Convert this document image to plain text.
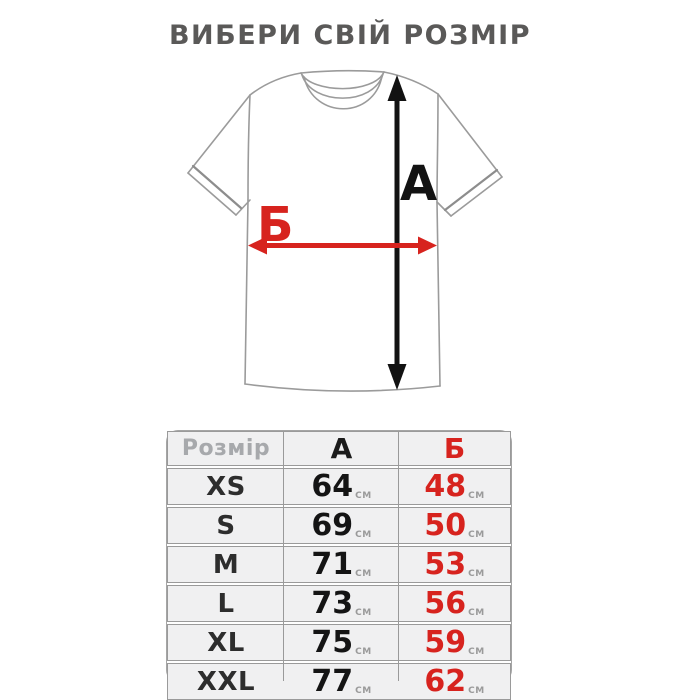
ВИБЕРИ СВІЙ РОЗМІР
А
Б
Розмір	А	Б
XS	64 СМ 48 СМ
S	69 СМ 50 СМ
M	71 СМ 53 СМ
L	73 СМ 56 СМ
XL	75 СМ 59 СМ
XXL	77 СМ 62 СМ
